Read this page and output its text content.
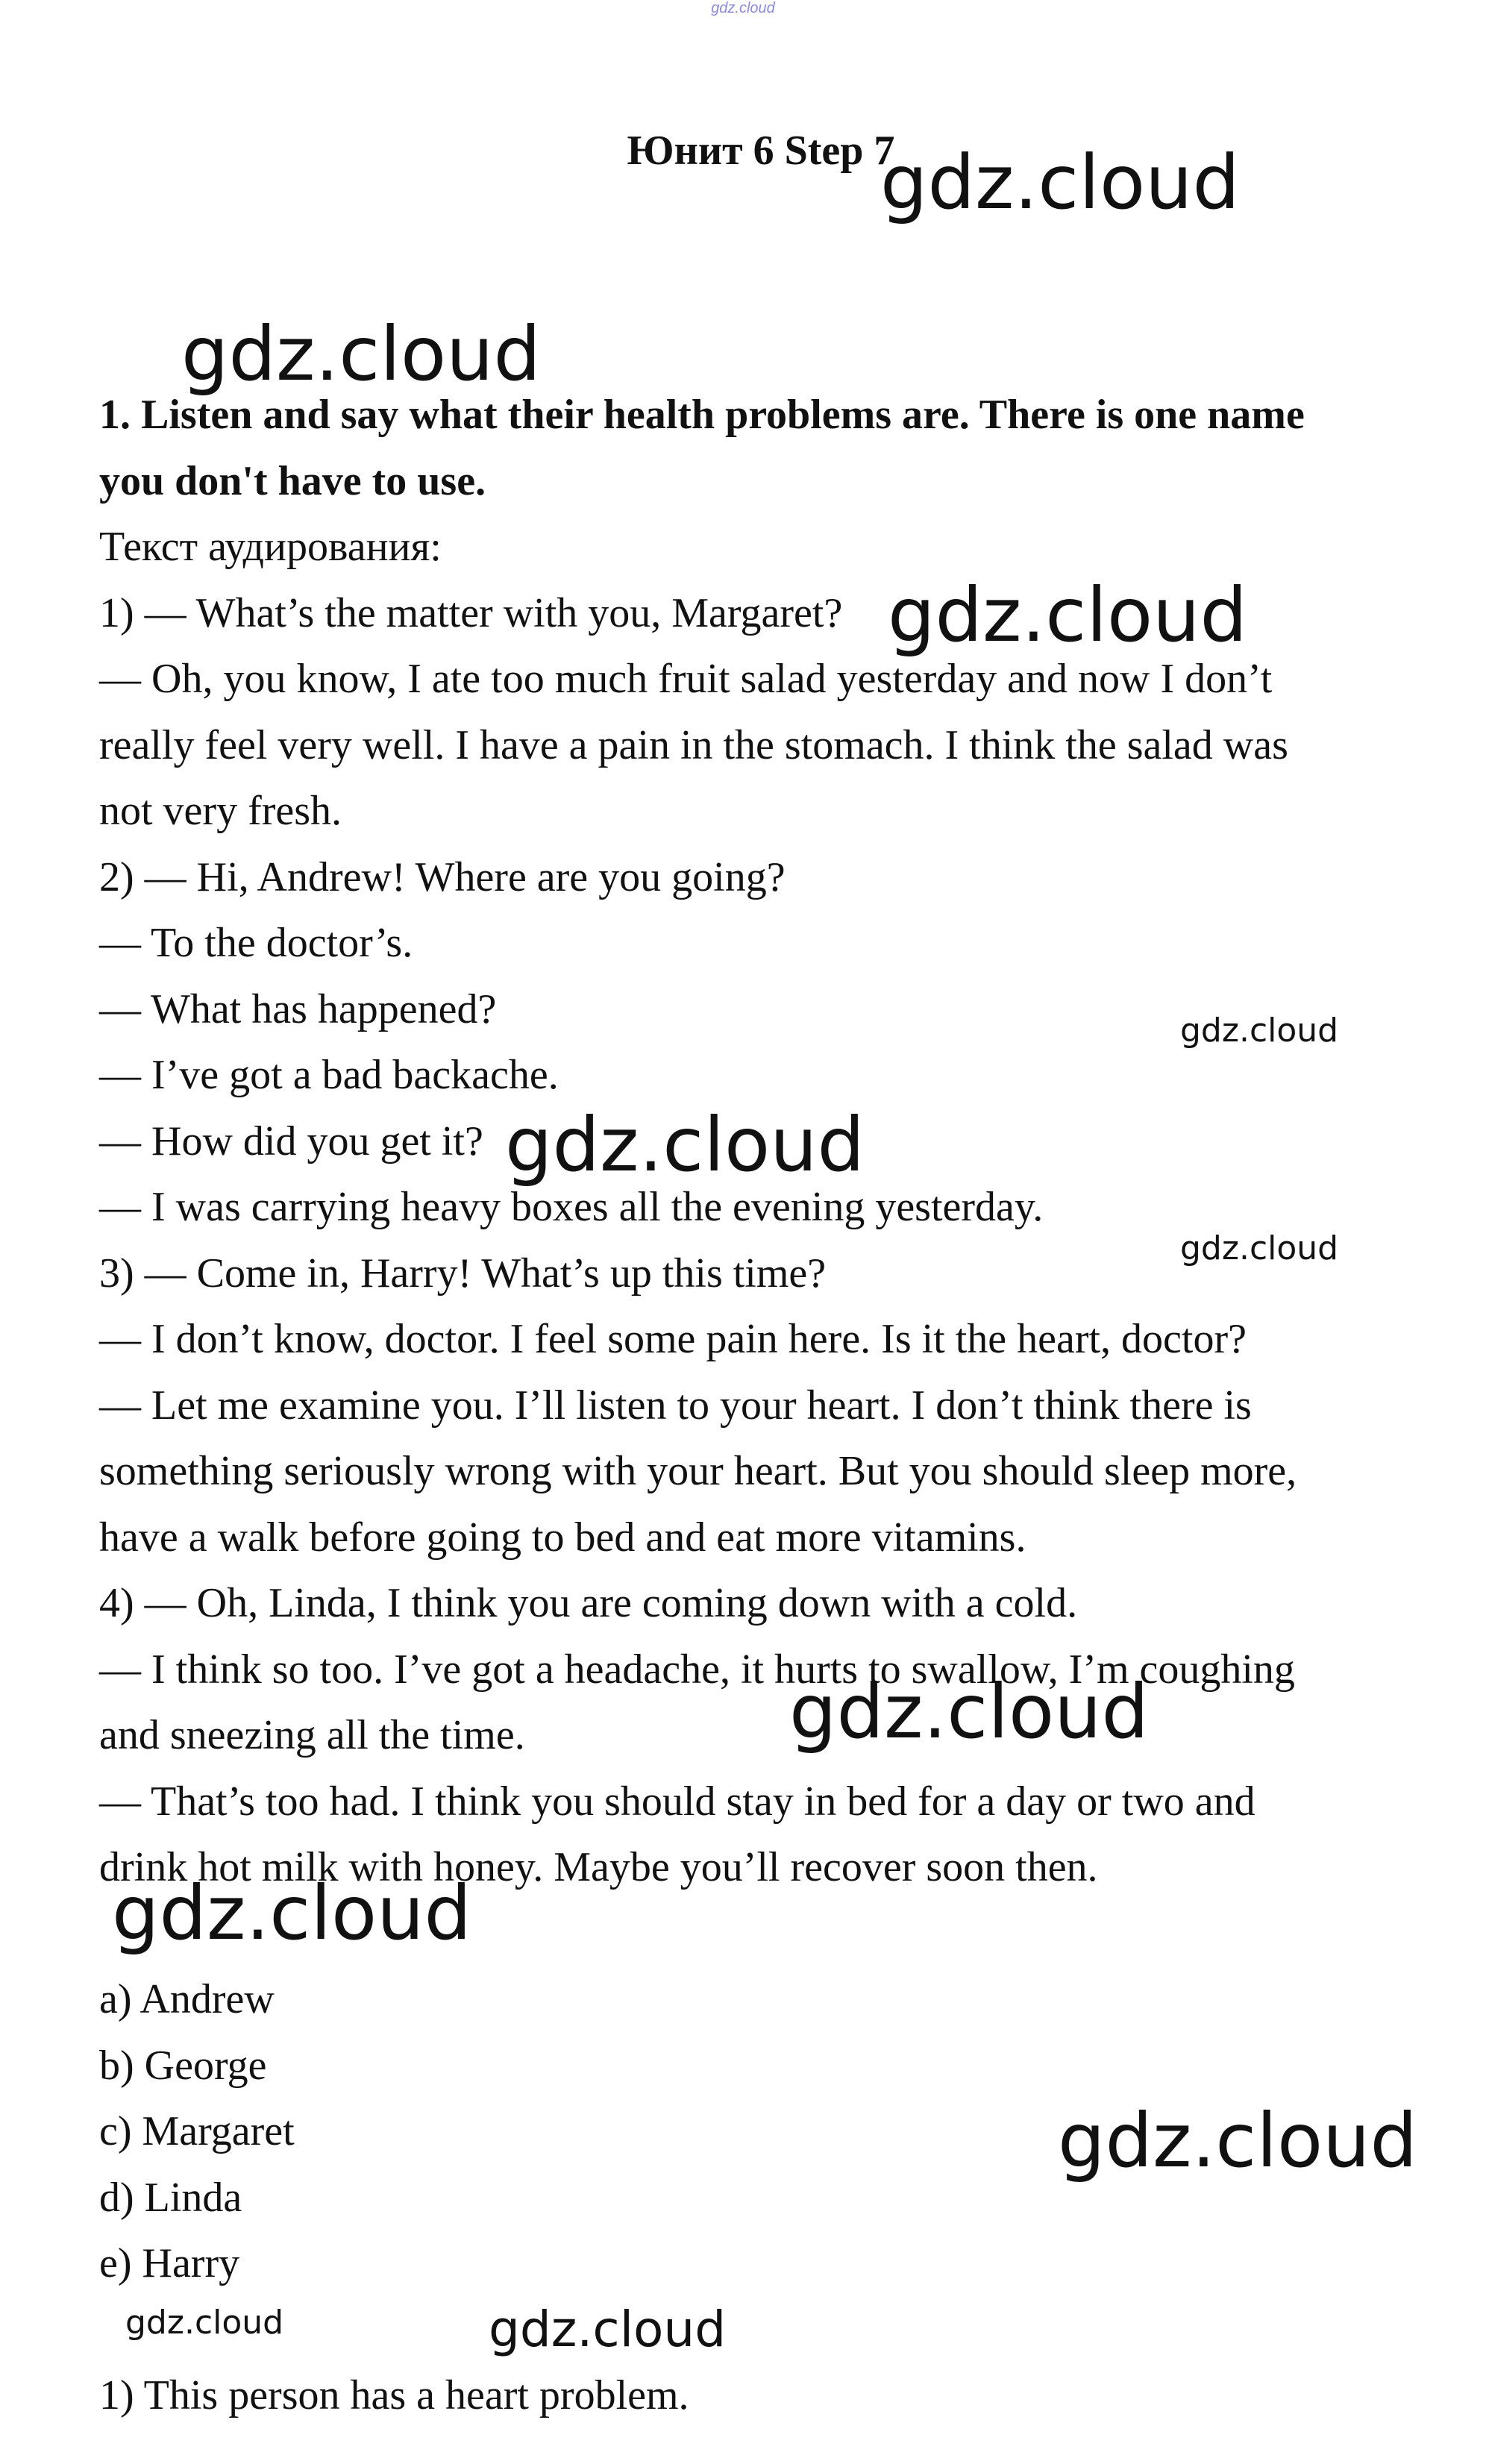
gdz.cloud
Юнит 6 Step 7
1. Listen and say what their health problems are. There is one name
you don't have to use.
Текст аудирования:
1) — What’s the matter with you, Margaret?
— Oh, you know, I ate too much fruit salad yesterday and now I don’t
really feel very well. I have a pain in the stomach. I think the salad was
not very fresh.
2) — Hi, Andrew! Where are you going?
— To the doctor’s.
— What has happened?
— I’ve got a bad backache.
— How did you get it?
— I was carrying heavy boxes all the evening yesterday.
3) — Come in, Harry! What’s up this time?
— I don’t know, doctor. I feel some pain here. Is it the heart, doctor?
— Let me examine you. I’ll listen to your heart. I don’t think there is
something seriously wrong with your heart. But you should sleep more,
have a walk before going to bed and eat more vitamins.
4) — Oh, Linda, I think you are coming down with a cold.
— I think so too. I’ve got a headache, it hurts to swallow, I’m coughing
and sneezing all the time.
— That’s too had. I think you should stay in bed for a day or two and
drink hot milk with honey. Maybe you’ll recover soon then.
a) Andrew
b) George
c) Margaret
d) Linda
e) Harry
1) This person has a heart problem.
gdz.cloud
gdz.cloud
gdz.cloud
gdz.cloud
gdz.cloud
gdz.cloud
gdz.cloud
gdz.cloud
gdz.cloud
gdz.cloud	gdz.cloud
